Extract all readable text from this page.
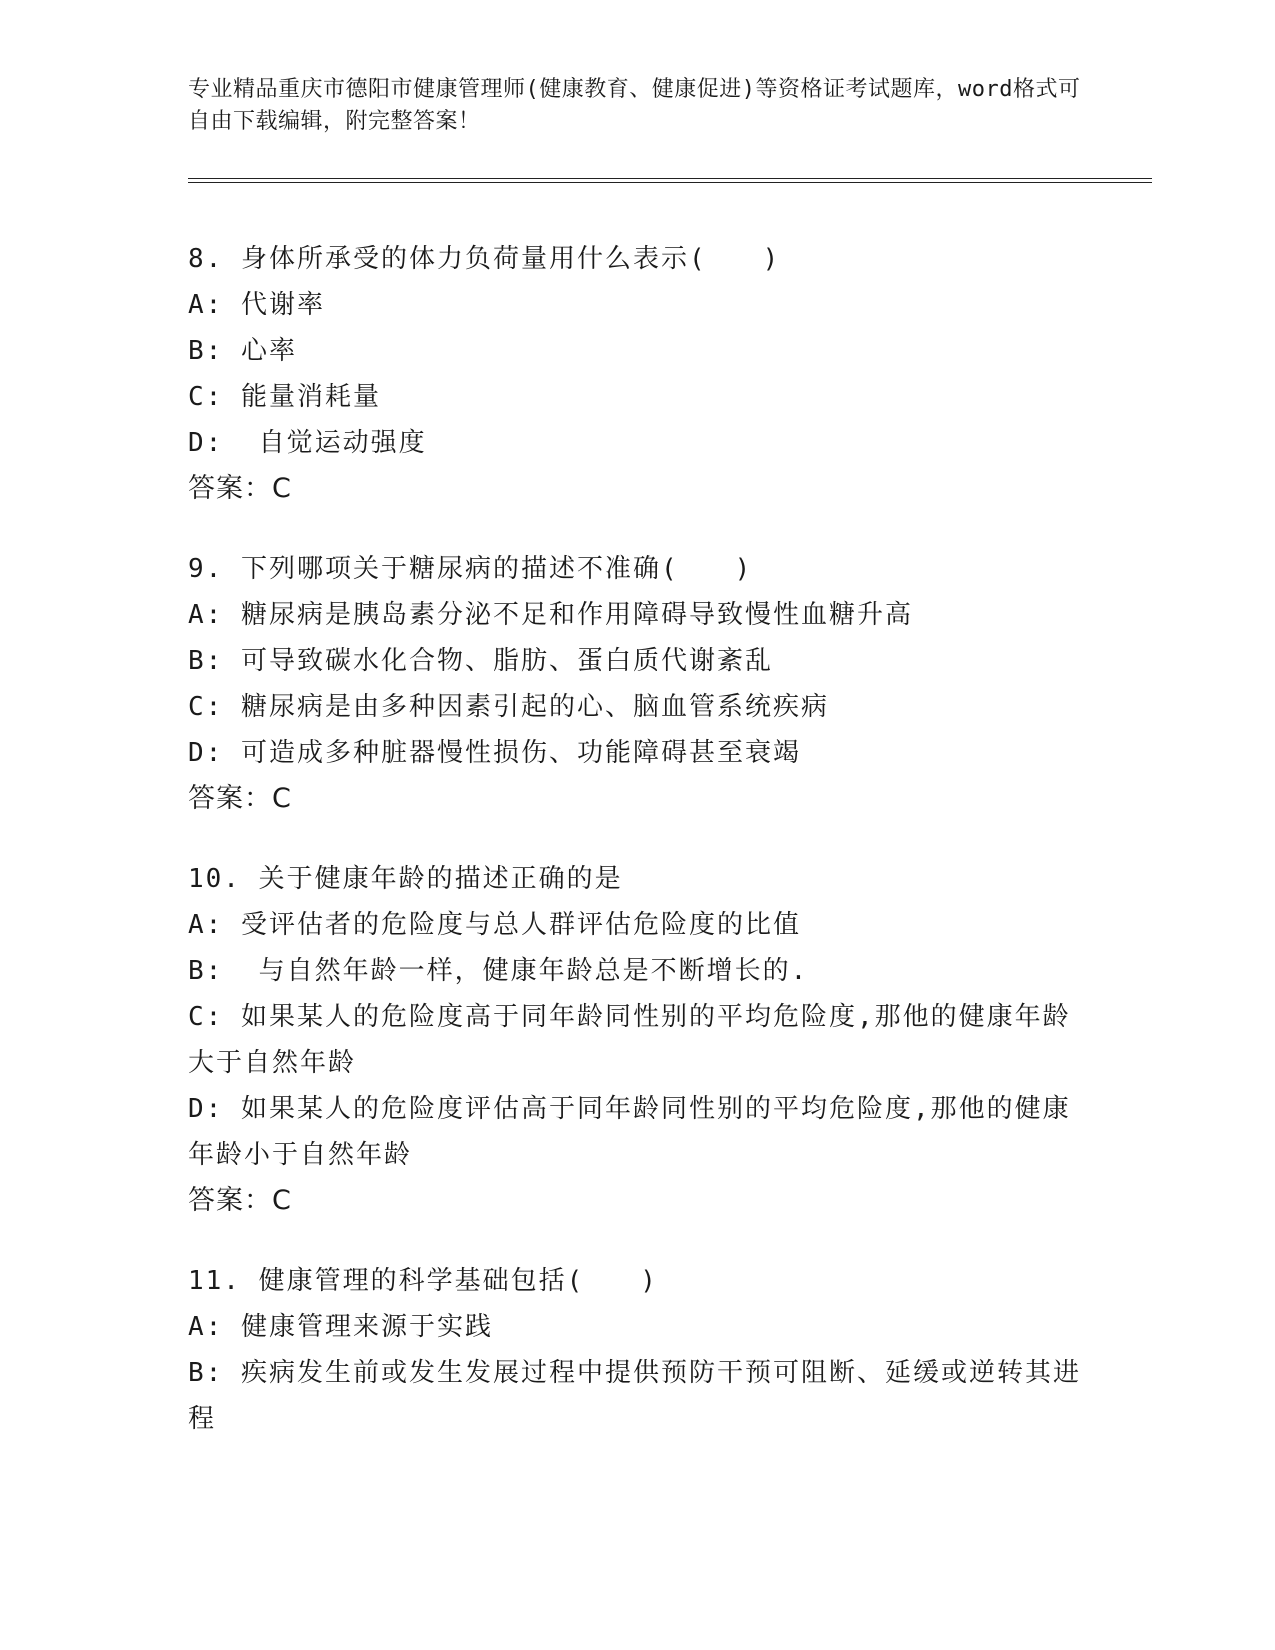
专业精品重庆市德阳市健康管理师(健康教育、健康促进)等资格证考试题库，word格式可自由下载编辑，附完整答案！
8. 身体所承受的体力负荷量用什么表示(　　)
A: 代谢率
B: 心率
C: 能量消耗量
D:  自觉运动强度
答案：C
9. 下列哪项关于糖尿病的描述不准确(　　)
A: 糖尿病是胰岛素分泌不足和作用障碍导致慢性血糖升高
B: 可导致碳水化合物、脂肪、蛋白质代谢紊乱
C: 糖尿病是由多种因素引起的心、脑血管系统疾病
D: 可造成多种脏器慢性损伤、功能障碍甚至衰竭
答案：C
10. 关于健康年龄的描述正确的是
A: 受评估者的危险度与总人群评估危险度的比值
B:  与自然年龄一样，健康年龄总是不断增长的.
C: 如果某人的危险度高于同年龄同性别的平均危险度,那他的健康年龄大于自然年龄
D: 如果某人的危险度评估高于同年龄同性别的平均危险度,那他的健康年龄小于自然年龄
答案：C
11. 健康管理的科学基础包括(　　)
A: 健康管理来源于实践
B: 疾病发生前或发生发展过程中提供预防干预可阻断、延缓或逆转其进程
